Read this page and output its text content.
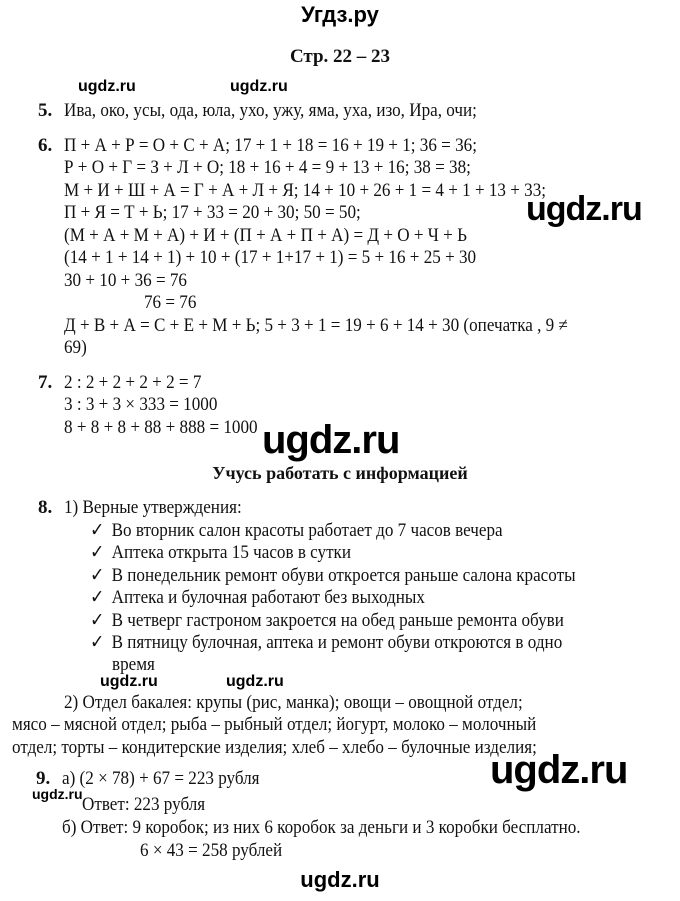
Угдз.ру
Стр. 22 – 23
ugdz.ru	ugdz.ru
5. Ива, око, усы, ода, юла, ухо, ужу, яма, уха, изо, Ира, очи;
6. П + А + Р = О + С + А; 17 + 1 + 18 = 16 + 19 + 1; 36 = 36;
Р + О + Г = З + Л + О; 18 + 16 + 4 = 9 + 13 + 16; 38 = 38;
М + И + Ш + А = Г + А + Л + Я; 14 + 10 + 26 + 1 = 4 + 1 + 13 + 33;
П + Я = Т + Ь; 17 + 33 = 20 + 30; 50 = 50;	ugdz.ru
(М + А + М + А) + И + (П + А + П + А) = Д + О + Ч + Ь
(14 + 1 + 14 + 1) + 10 + (17 + 1+17 + 1) = 5 + 16 + 25 + 30
30 + 10 + 36 = 76
76 = 76
Д + В + А = С + Е + М + Ь; 5 + 3 + 1 = 19 + 6 + 14 + 30 (опечатка , 9 ≠
69)
7. 2 : 2 + 2 + 2 + 2 = 7
3 : 3 + 3 × 333 = 1000
8 + 8 + 8 + 88 + 888 = 1000 ugdz.ru
Учусь работать с информацией
8. 1) Верные утверждения:
✓ Во вторник салон красоты работает до 7 часов вечера
✓ Аптека открыта 15 часов в сутки
✓ В понедельник ремонт обуви откроется раньше салона красоты
✓ Аптека и булочная работают без выходных
✓ В четверг гастроном закроется на обед раньше ремонта обуви
✓ В пятницу булочная, аптека и ремонт обуви откроются в одно
время
ugdz.ru	ugdz.ru
2) Отдел бакалея: крупы (рис, манка); овощи – овощной отдел;
мясо – мясной отдел; рыба – рыбный отдел; йогурт, молоко – молочный
отдел; торты – кондитерские изделия; хлеб – хлебо – булочные изделия;
ugdz.ru
9. а) (2 × 78) + 67 = 223 рубля
ugdz.ru Ответ: 223 рубля
б) Ответ: 9 коробок; из них 6 коробок за деньги и 3 коробки бесплатно.
6 × 43 = 258 рублей
ugdz.ru
